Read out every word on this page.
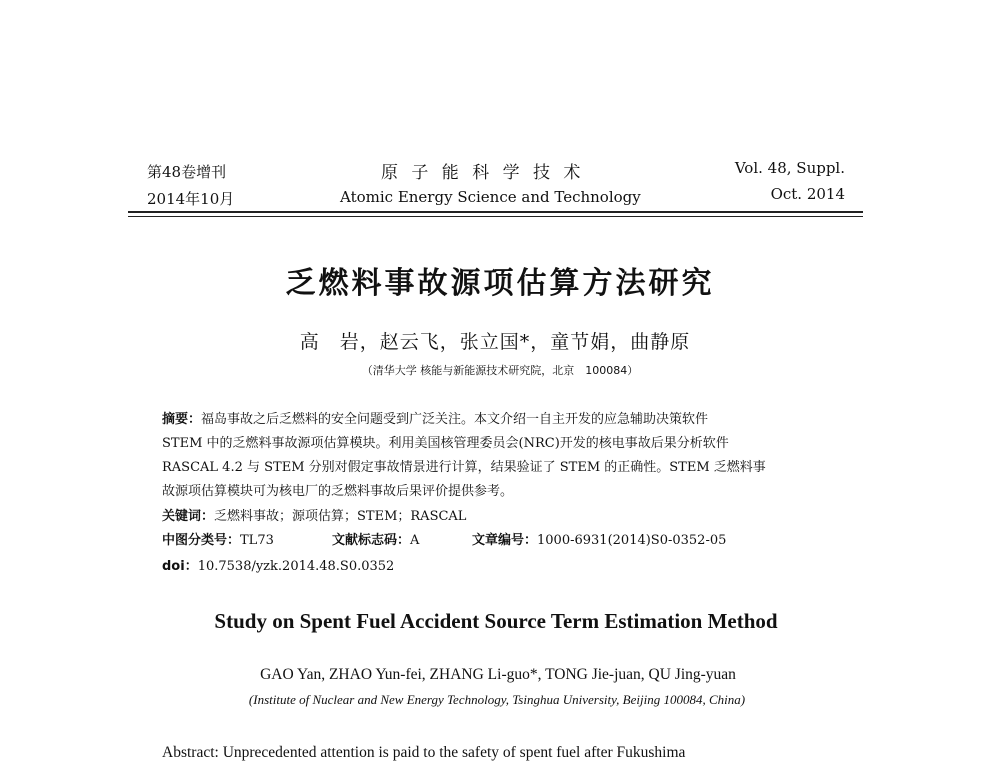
第48卷增刊
2014年10月
原 子 能 科 学 技 术
Atomic Energy Science and Technology
Vol. 48, Suppl.
Oct. 2014
乏燃料事故源项估算方法研究
高　岩，赵云飞，张立国*，童节娟，曲静原
（清华大学 核能与新能源技术研究院，北京　100084）
摘要：福岛事故之后乏燃料的安全问题受到广泛关注。本文介绍一自主开发的应急辅助决策软件
STEM 中的乏燃料事故源项估算模块。利用美国核管理委员会(NRC)开发的核电事故后果分析软件
RASCAL 4.2 与 STEM 分别对假定事故情景进行计算，结果验证了 STEM 的正确性。STEM 乏燃料事
故源项估算模块可为核电厂的乏燃料事故后果评价提供参考。
关键词：乏燃料事故；源项估算；STEM；RASCAL
中图分类号：TL73	文献标志码：A	文章编号：1000-6931(2014)S0-0352-05
doi：10.7538/yzk.2014.48.S0.0352
Study on Spent Fuel Accident Source Term Estimation Method
GAO Yan, ZHAO Yun-fei, ZHANG Li-guo*, TONG Jie-juan, QU Jing-yuan
(Institute of Nuclear and New Energy Technology, Tsinghua University, Beijing 100084, China)
Abstract: Unprecedented attention is paid to the safety of spent fuel after Fukushima
